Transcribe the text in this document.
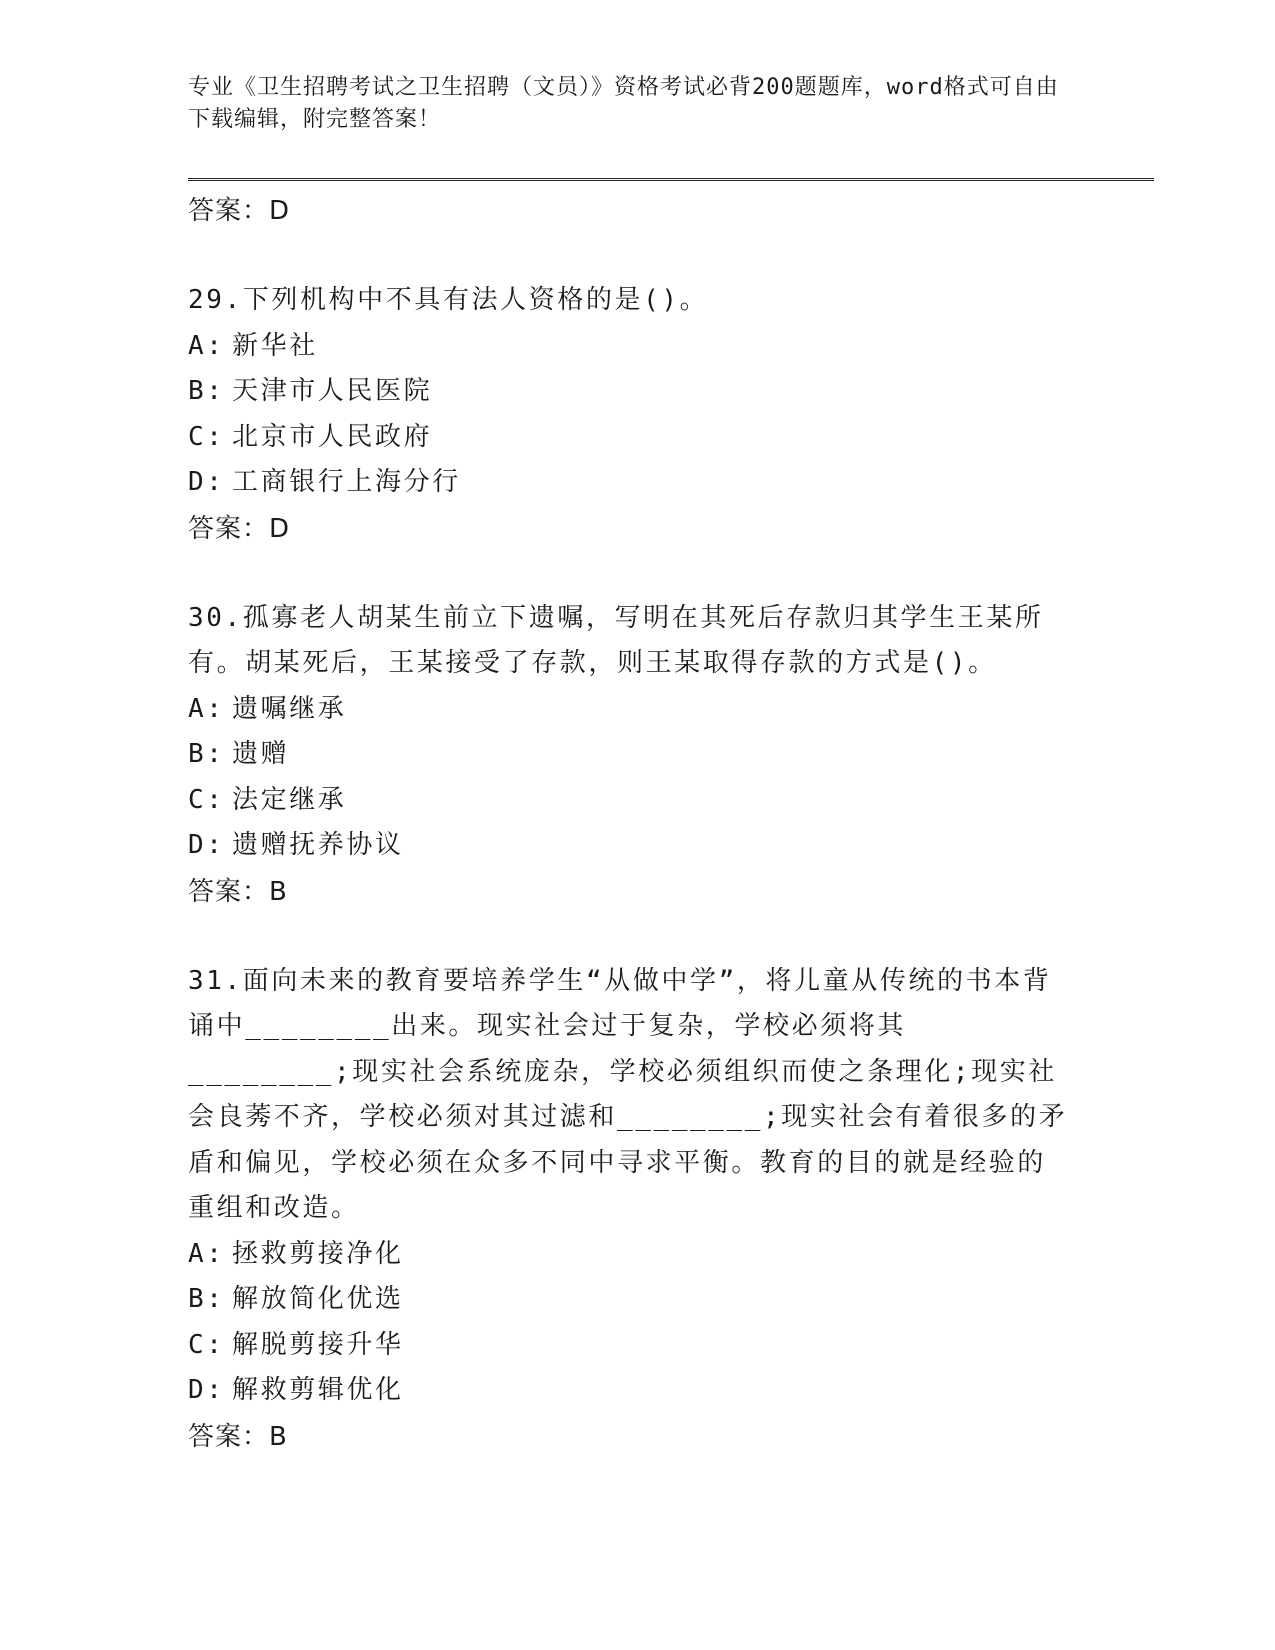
专业《卫生招聘考试之卫生招聘（文员）》资格考试必背200题题库，word格式可自由下载编辑，附完整答案！
答案：D
29.下列机构中不具有法人资格的是()。
A: 新华社
B: 天津市人民医院
C: 北京市人民政府
D: 工商银行上海分行
答案：D
30.孤寡老人胡某生前立下遗嘱，写明在其死后存款归其学生王某所有。胡某死后，王某接受了存款，则王某取得存款的方式是()。
A: 遗嘱继承
B: 遗赠
C: 法定继承
D: 遗赠抚养协议
答案：B
31.面向未来的教育要培养学生“从做中学”，将儿童从传统的书本背诵中________出来。现实社会过于复杂，学校必须将其________;现实社会系统庞杂，学校必须组织而使之条理化;现实社会良莠不齐，学校必须对其过滤和________;现实社会有着很多的矛盾和偏见，学校必须在众多不同中寻求平衡。教育的目的就是经验的重组和改造。
A: 拯救剪接净化
B: 解放简化优选
C: 解脱剪接升华
D: 解救剪辑优化
答案：B
